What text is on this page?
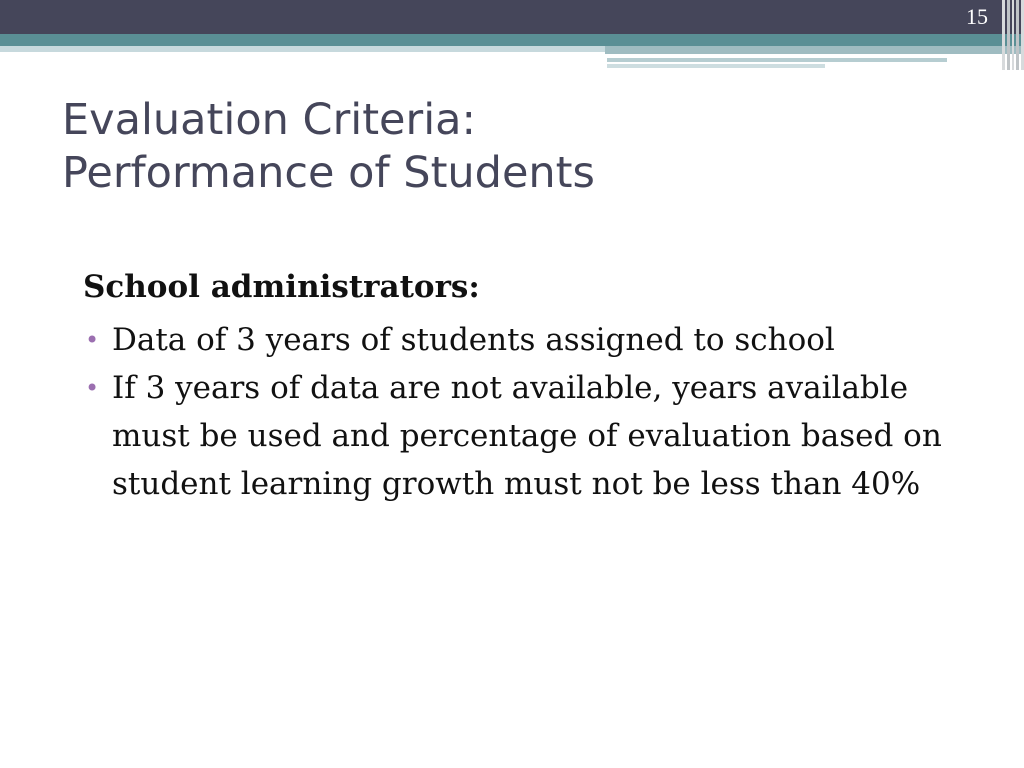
15

Evaluation Criteria:
Performance of Students

School administrators:

• Data of 3 years of students assigned to school
• If 3 years of data are not available, years available must be used and percentage of evaluation based on student learning growth must not be less than 40%
